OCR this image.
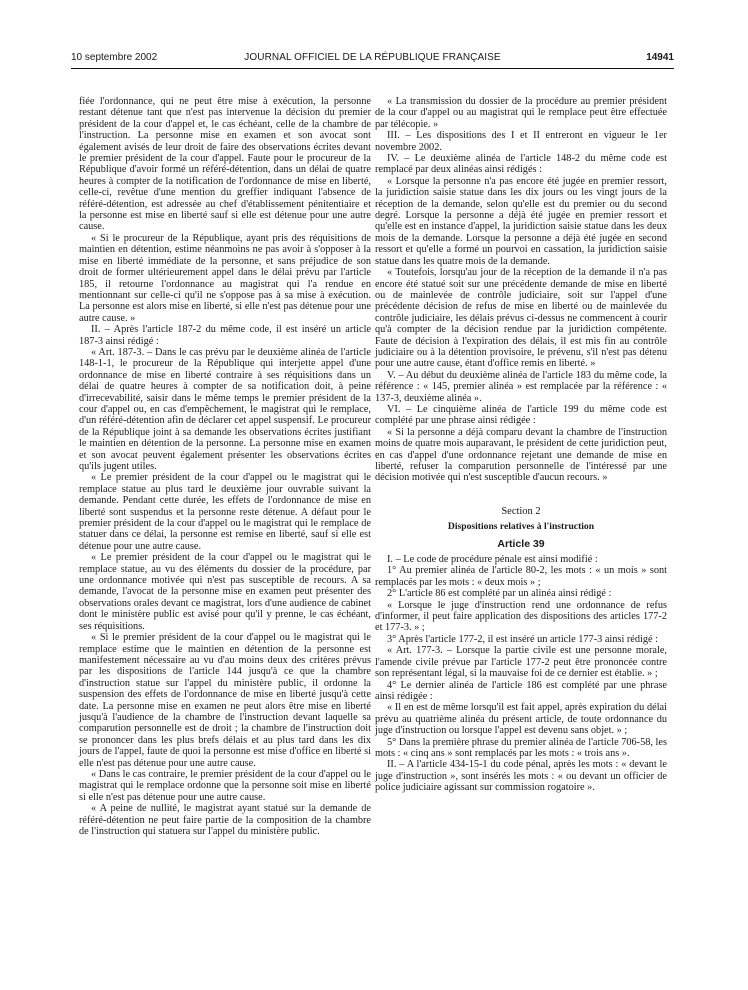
10 septembre 2002	JOURNAL OFFICIEL DE LA RÉPUBLIQUE FRANÇAISE	14941

fiée l'ordonnance, qui ne peut être mise à exécution, la personne restant détenue tant que n'est pas intervenue la décision du premier président de la cour d'appel et, le cas échéant, celle de la chambre de l'instruction. La personne mise en examen et son avocat sont également avisés de leur droit de faire des observations écrites devant le premier président de la cour d'appel. Faute pour le procureur de la République d'avoir formé un référé-détention, dans un délai de quatre heures à compter de la notification de l'ordonnance de mise en liberté, celle-ci, revêtue d'une mention du greffier indiquant l'absence de référé-détention, est adressée au chef d'établissement pénitentiaire et la personne est mise en liberté sauf si elle est détenue pour une autre cause.

« Si le procureur de la République, ayant pris des réquisitions de maintien en détention, estime néanmoins ne pas avoir à s'opposer à la mise en liberté immédiate de la personne, et sans préjudice de son droit de former ultérieurement appel dans le délai prévu par l'article 185, il retourne l'ordonnance au magistrat qui l'a rendue en mentionnant sur celle-ci qu'il ne s'oppose pas à sa mise à exécution. La personne est alors mise en liberté, si elle n'est pas détenue pour une autre cause. »

II. – Après l'article 187-2 du même code, il est inséré un article 187-3 ainsi rédigé :

« Art. 187-3. – Dans le cas prévu par le deuxième alinéa de l'article 148-1-1, le procureur de la République qui interjette appel d'une ordonnance de mise en liberté contraire à ses réquisitions dans un délai de quatre heures à compter de sa notification doit, à peine d'irrecevabilité, saisir dans le même temps le premier président de la cour d'appel ou, en cas d'empêchement, le magistrat qui le remplace, d'un référé-détention afin de déclarer cet appel suspensif. Le procureur de la République joint à sa demande les observations écrites justifiant le maintien en détention de la personne. La personne mise en examen et son avocat peuvent également présenter les observations écrites qu'ils jugent utiles.

« Le premier président de la cour d'appel ou le magistrat qui le remplace statue au plus tard le deuxième jour ouvrable suivant la demande. Pendant cette durée, les effets de l'ordonnance de mise en liberté sont suspendus et la personne reste détenue. A défaut pour le premier président de la cour d'appel ou le magistrat qui le remplace de statuer dans ce délai, la personne est remise en liberté, sauf si elle est détenue pour une autre cause.

« Le premier président de la cour d'appel ou le magistrat qui le remplace statue, au vu des éléments du dossier de la procédure, par une ordonnance motivée qui n'est pas susceptible de recours. A sa demande, l'avocat de la personne mise en examen peut présenter des observations orales devant ce magistrat, lors d'une audience de cabinet dont le ministère public est avisé pour qu'il y prenne, le cas échéant, ses réquisitions.

« Si le premier président de la cour d'appel ou le magistrat qui le remplace estime que le maintien en détention de la personne est manifestement nécessaire au vu d'au moins deux des critères prévus par les dispositions de l'article 144 jusqu'à ce que la chambre d'instruction statue sur l'appel du ministère public, il ordonne la suspension des effets de l'ordonnance de mise en liberté jusqu'à cette date. La personne mise en examen ne peut alors être mise en liberté jusqu'à l'audience de la chambre de l'instruction devant laquelle sa comparution personnelle est de droit ; la chambre de l'instruction doit se prononcer dans les plus brefs délais et au plus tard dans les dix jours de l'appel, faute de quoi la personne est mise d'office en liberté si elle n'est pas détenue pour une autre cause.

« Dans le cas contraire, le premier président de la cour d'appel ou le magistrat qui le remplace ordonne que la personne soit mise en liberté si elle n'est pas détenue pour une autre cause.

« A peine de nullité, le magistrat ayant statué sur la demande de référé-détention ne peut faire partie de la composition de la chambre de l'instruction qui statuera sur l'appel du ministère public.

« La transmission du dossier de la procédure au premier président de la cour d'appel ou au magistrat qui le remplace peut être effectuée par télécopie. »

III. – Les dispositions des I et II entreront en vigueur le 1er novembre 2002.

IV. – Le deuxième alinéa de l'article 148-2 du même code est remplacé par deux alinéas ainsi rédigés :

« Lorsque la personne n'a pas encore été jugée en premier ressort, la juridiction saisie statue dans les dix jours ou les vingt jours de la réception de la demande, selon qu'elle est du premier ou du second degré. Lorsque la personne a déjà été jugée en premier ressort et qu'elle est en instance d'appel, la juridiction saisie statue dans les deux mois de la demande. Lorsque la personne a déjà été jugée en second ressort et qu'elle a formé un pourvoi en cassation, la juridiction saisie statue dans les quatre mois de la demande.

« Toutefois, lorsqu'au jour de la réception de la demande il n'a pas encore été statué soit sur une précédente demande de mise en liberté ou de mainlevée de contrôle judiciaire, soit sur l'appel d'une précédente décision de refus de mise en liberté ou de mainlevée du contrôle judiciaire, les délais prévus ci-dessus ne commencent à courir qu'à compter de la décision rendue par la juridiction compétente. Faute de décision à l'expiration des délais, il est mis fin au contrôle judiciaire ou à la détention provisoire, le prévenu, s'il n'est pas détenu pour une autre cause, étant d'office remis en liberté. »

V. – Au début du deuxième alinéa de l'article 183 du même code, la référence : « 145, premier alinéa » est remplacée par la référence : « 137-3, deuxième alinéa ».

VI. – Le cinquième alinéa de l'article 199 du même code est complété par une phrase ainsi rédigée :

« Si la personne a déjà comparu devant la chambre de l'instruction moins de quatre mois auparavant, le président de cette juridiction peut, en cas d'appel d'une ordonnance rejetant une demande de mise en liberté, refuser la comparution personnelle de l'intéressé par une décision motivée qui n'est susceptible d'aucun recours. »

Section 2
Dispositions relatives à l'instruction
Article 39

I. – Le code de procédure pénale est ainsi modifié :

1° Au premier alinéa de l'article 80-2, les mots : « un mois » sont remplacés par les mots : « deux mois » ;

2° L'article 86 est complété par un alinéa ainsi rédigé :

« Lorsque le juge d'instruction rend une ordonnance de refus d'informer, il peut faire application des dispositions des articles 177-2 et 177-3. » ;

3° Après l'article 177-2, il est inséré un article 177-3 ainsi rédigé :

« Art. 177-3. – Lorsque la partie civile est une personne morale, l'amende civile prévue par l'article 177-2 peut être prononcée contre son représentant légal, si la mauvaise foi de ce dernier est établie. » ;

4° Le dernier alinéa de l'article 186 est complété par une phrase ainsi rédigée :

« Il en est de même lorsqu'il est fait appel, après expiration du délai prévu au quatrième alinéa du présent article, de toute ordonnance du juge d'instruction ou lorsque l'appel est devenu sans objet. » ;

5° Dans la première phrase du premier alinéa de l'article 706-58, les mots : « cinq ans » sont remplacés par les mots : « trois ans ».

II. – A l'article 434-15-1 du code pénal, après les mots : « devant le juge d'instruction », sont insérés les mots : « ou devant un officier de police judiciaire agissant sur commission rogatoire ».
